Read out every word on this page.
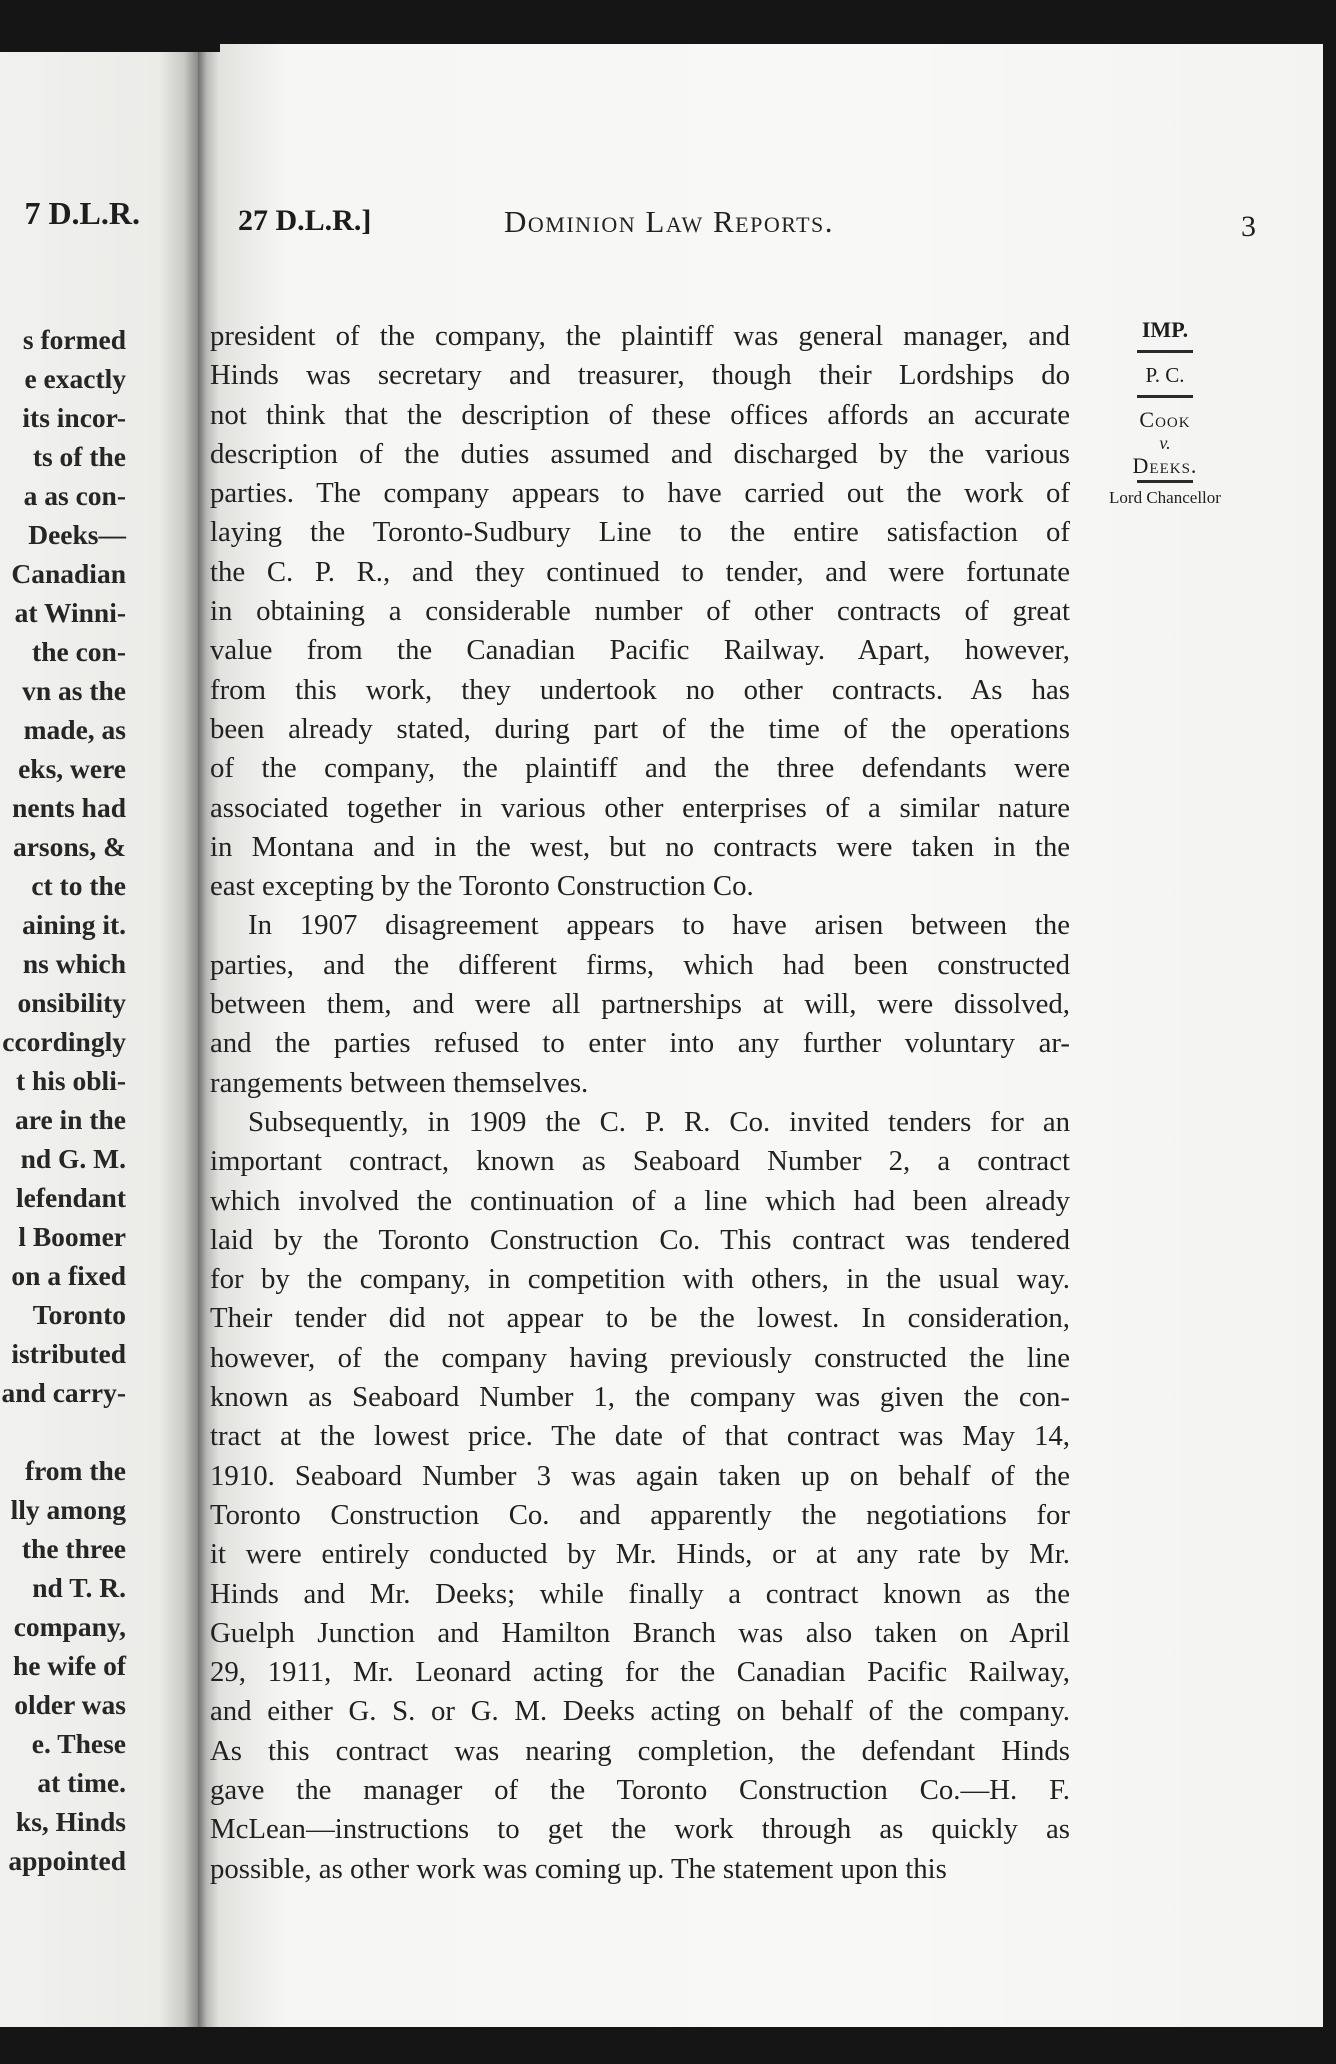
7 D.L.R.
s formed
e exactly
its incor-
ts of the
a as con-
Deeks—
Canadian
at Winni-
the con-
vn as the
made, as
eks, were
nents had
arsons, &
ct to the
aining it.
ns which
onsibility
ccordingly
t his obli-
are in the
nd G. M.
lefendant
l Boomer
on a fixed
Toronto
istributed
and carry-
from the
lly among
the three
nd T. R.
company,
he wife of
older was
e. These
at time.
ks, Hinds
appointed
27 D.L.R.]	Dominion Law Reports.	3
president of the company, the plaintiff was general manager, and
Hinds was secretary and treasurer, though their Lordships do
not think that the description of these offices affords an accurate
description of the duties assumed and discharged by the various
parties. The company appears to have carried out the work of
laying the Toronto-Sudbury Line to the entire satisfaction of
the C. P. R., and they continued to tender, and were fortunate
in obtaining a considerable number of other contracts of great
value from the Canadian Pacific Railway. Apart, however,
from this work, they undertook no other contracts. As has
been already stated, during part of the time of the operations
of the company, the plaintiff and the three defendants were
associated together in various other enterprises of a similar nature
in Montana and in the west, but no contracts were taken in the
east excepting by the Toronto Construction Co.
In 1907 disagreement appears to have arisen between the
parties, and the different firms, which had been constructed
between them, and were all partnerships at will, were dissolved,
and the parties refused to enter into any further voluntary ar-
rangements between themselves.
Subsequently, in 1909 the C. P. R. Co. invited tenders for an
important contract, known as Seaboard Number 2, a contract
which involved the continuation of a line which had been already
laid by the Toronto Construction Co. This contract was tendered
for by the company, in competition with others, in the usual way.
Their tender did not appear to be the lowest. In consideration,
however, of the company having previously constructed the line
known as Seaboard Number 1, the company was given the con-
tract at the lowest price. The date of that contract was May 14,
1910. Seaboard Number 3 was again taken up on behalf of the
Toronto Construction Co. and apparently the negotiations for
it were entirely conducted by Mr. Hinds, or at any rate by Mr.
Hinds and Mr. Deeks; while finally a contract known as the
Guelph Junction and Hamilton Branch was also taken on April
29, 1911, Mr. Leonard acting for the Canadian Pacific Railway,
and either G. S. or G. M. Deeks acting on behalf of the company.
As this contract was nearing completion, the defendant Hinds
gave the manager of the Toronto Construction Co.—H. F.
McLean—instructions to get the work through as quickly as
possible, as other work was coming up. The statement upon this
IMP.
P. C.
Cook
v.
Deeks.
Lord Chancellor
